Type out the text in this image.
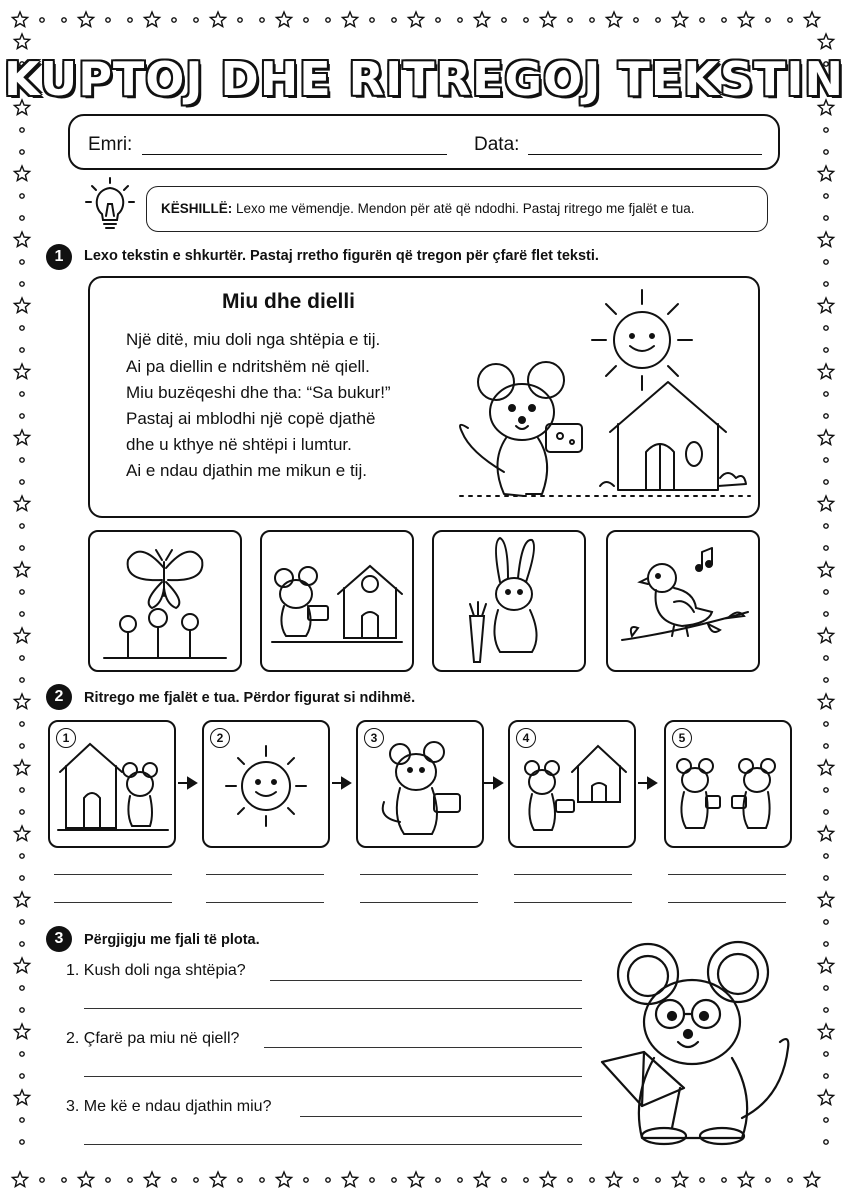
KUPTOJ DHE RITREGOJ TEKSTIN
Emri:	Data:
KËSHILLË: Lexo me vëmendje. Mendon për atë që ndodhi. Pastaj ritrego me fjalët e tua.
1	Lexo tekstin e shkurtër. Pastaj rretho figurën që tregon për çfarë flet teksti.
Miu dhe dielli
Një ditë, miu doli nga shtëpia e tij.
Ai pa diellin e ndritshëm në qiell.
Miu buzëqeshi dhe tha: “Sa bukur!”
Pastaj ai mblodhi një copë djathë
dhe u kthye në shtëpi i lumtur.
Ai e ndau djathin me mikun e tij.
2	Ritrego me fjalët e tua. Përdor figurat si ndihmë.
1	2	3	4	5
3	Përgjigju me fjali të plota.
1. Kush doli nga shtëpia?
2. Çfarë pa miu në qiell?
3. Me kë e ndau djathin miu?
